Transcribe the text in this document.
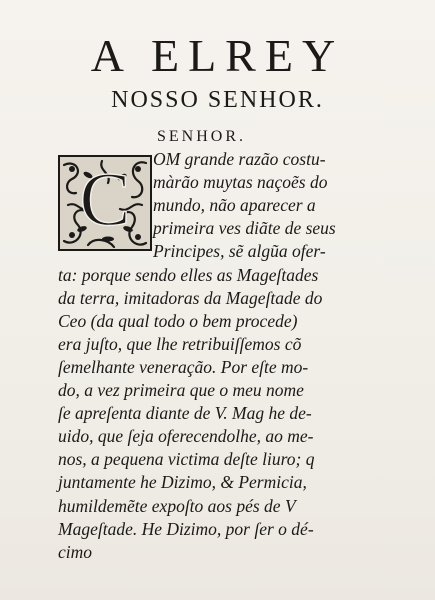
A ELREY
NOSSO SENHOR.
SENHOR.
C OM grande razão costu-
màrão muytas naçoẽs do
mundo, não aparecer a
primeira ves diãte de seus
Principes, sẽ algũa ofer-
ta: porque sendo elles as Mageſtades
da terra, imitadoras da Mageſtade do
Ceo (da qual todo o bem procede)
era juſto, que lhe retribuiſſemos cõ
ſemelhante veneração. Por eſte mo-
do, a vez primeira que o meu nome
ſe apreſenta diante de V. Mag he de-
uido, que ſeja oferecendolhe, ao me-
nos, a pequena victima deſte liuro; q
juntamente he Dizimo, & Permicia,
humildemẽte expoſto aos pés de V
Mageſtade. He Dizimo, por ſer o dé-
cimo
